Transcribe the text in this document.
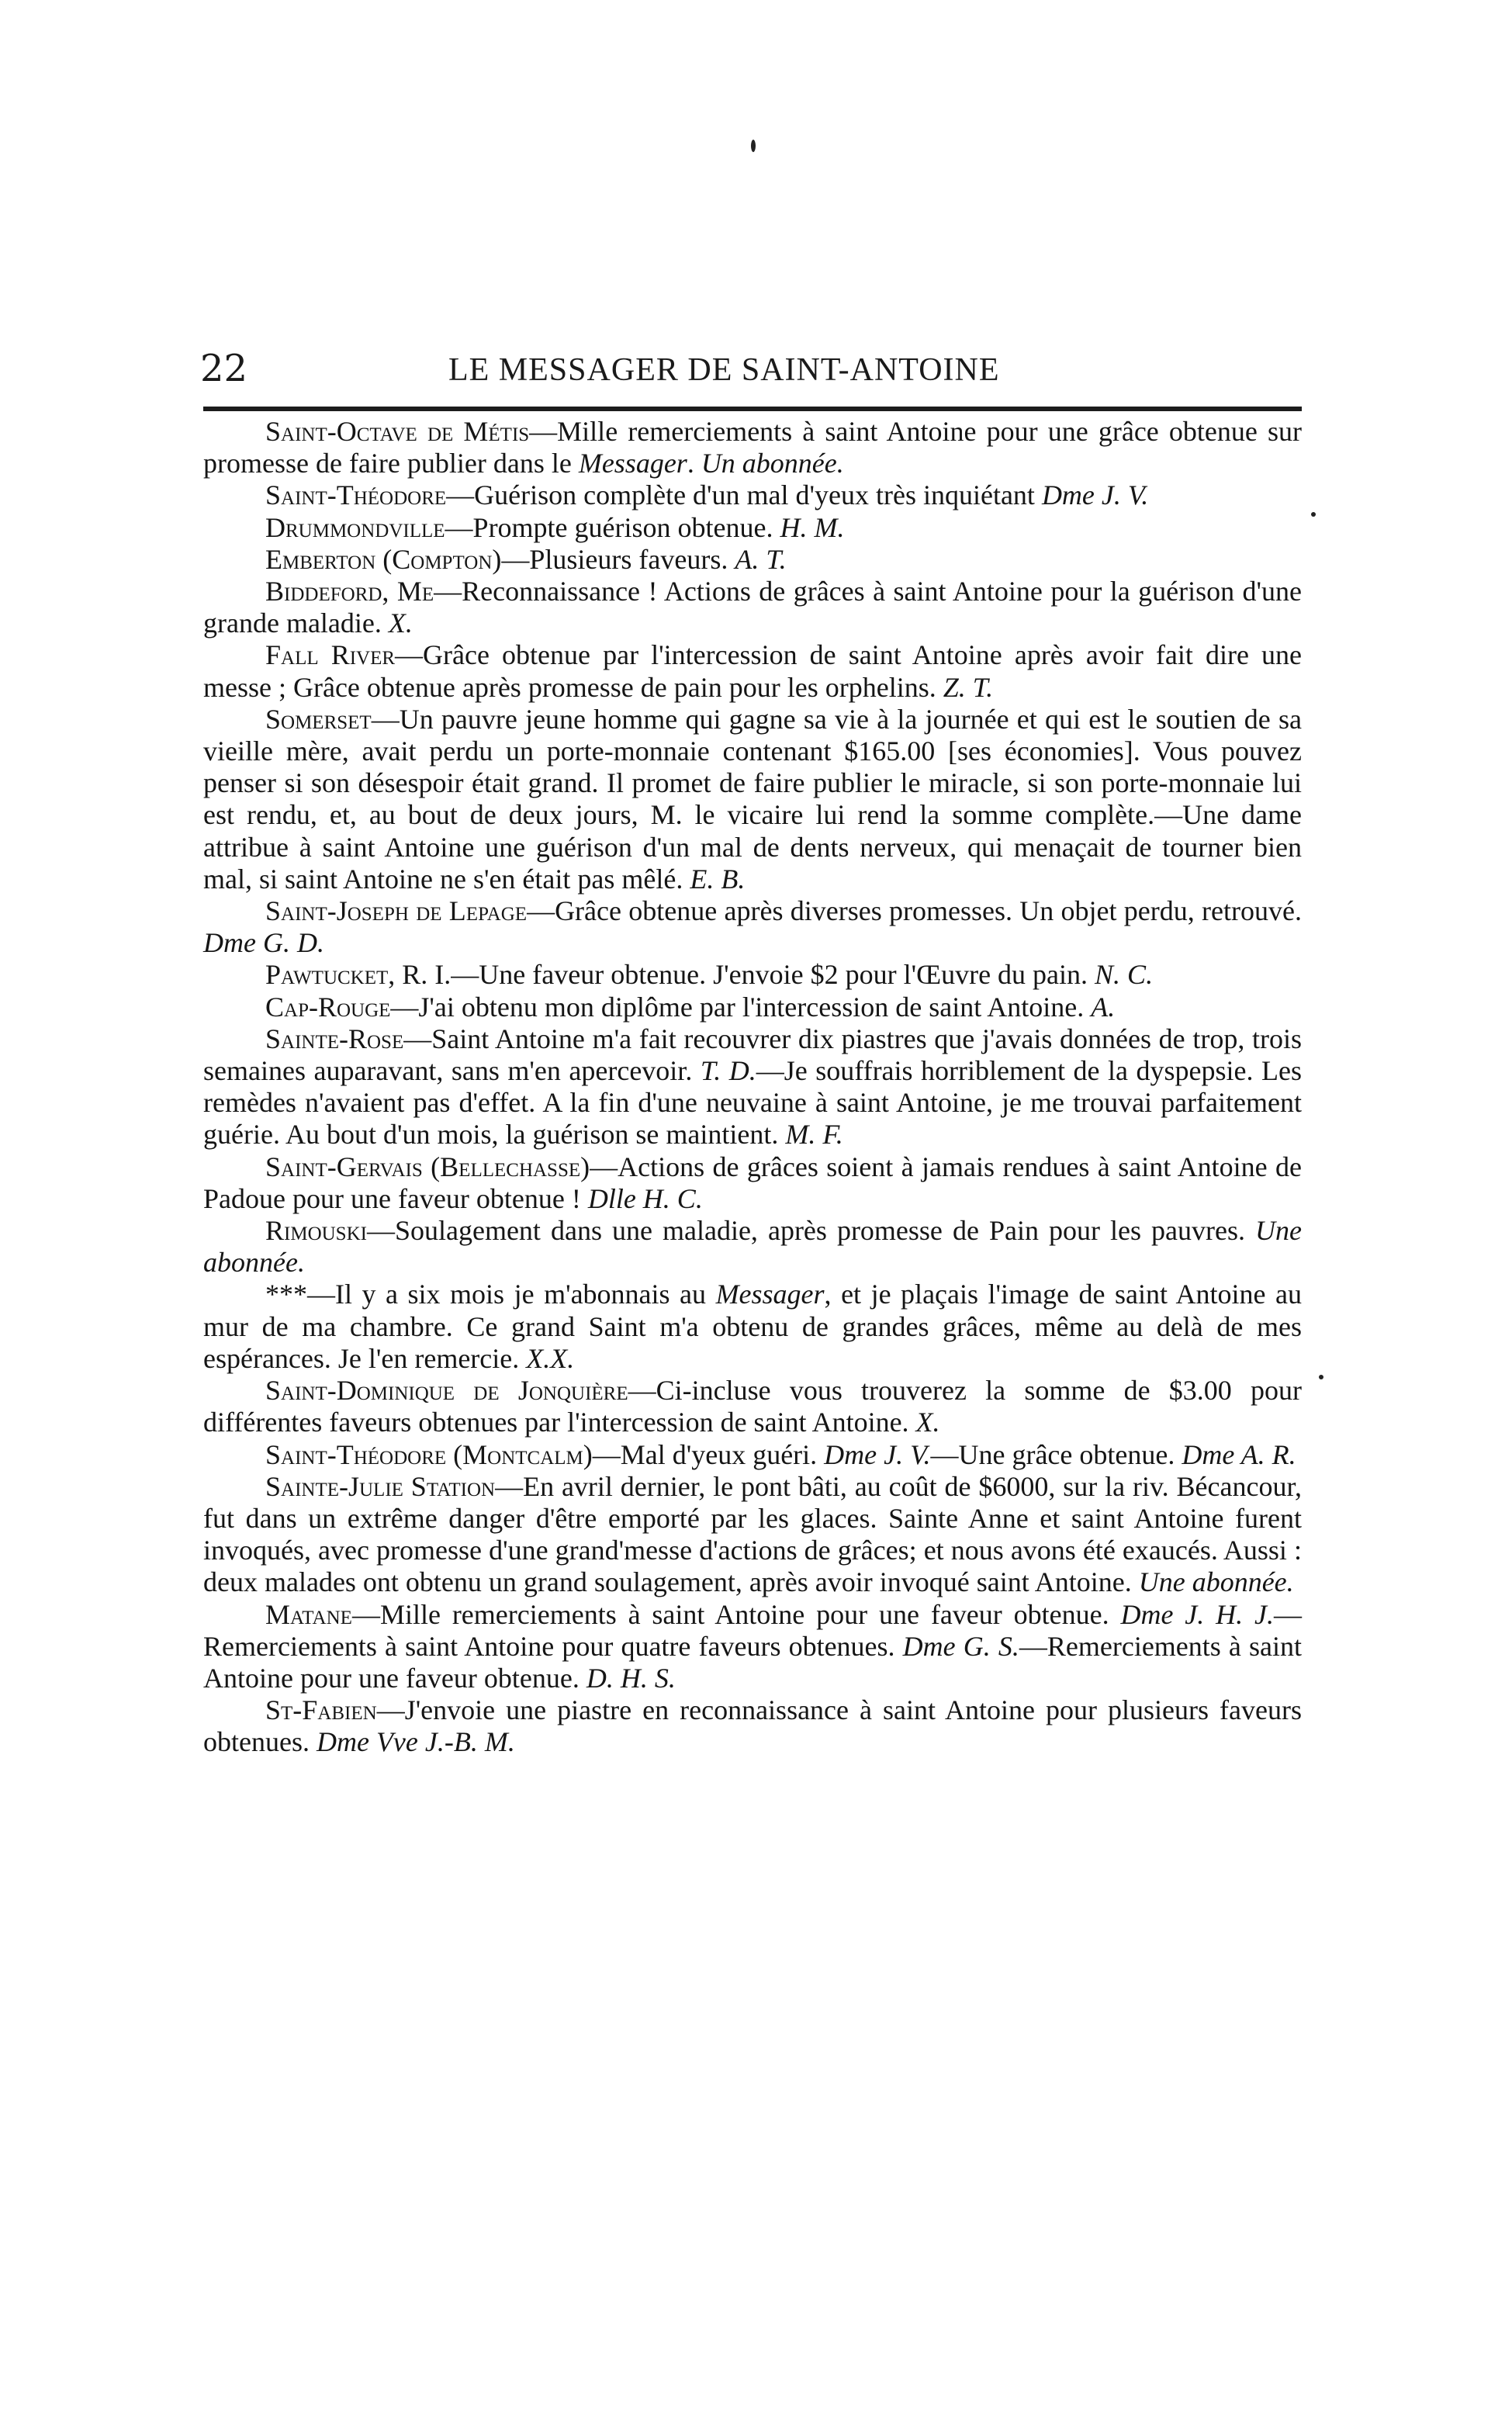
22	LE MESSAGER DE SAINT-ANTOINE

Saint-Octave de Métis—Mille remerciements à saint Antoine pour une grâce obtenue sur promesse de faire publier dans le Messager. Un abonnée.

Saint-Théodore—Guérison complète d'un mal d'yeux très inquiétant Dme J. V.

Drummondville—Prompte guérison obtenue. H. M.

Emberton (Compton)—Plusieurs faveurs. A. T.

Biddeford, Me—Reconnaissance ! Actions de grâces à saint Antoine pour la guérison d'une grande maladie. X.

Fall River—Grâce obtenue par l'intercession de saint Antoine après avoir fait dire une messe ; Grâce obtenue après promesse de pain pour les orphelins. Z. T.

Somerset—Un pauvre jeune homme qui gagne sa vie à la journée et qui est le soutien de sa vieille mère, avait perdu un porte-monnaie contenant $165.00 [ses économies]. Vous pouvez penser si son désespoir était grand. Il promet de faire publier le miracle, si son porte-monnaie lui est rendu, et, au bout de deux jours, M. le vicaire lui rend la somme complète.—Une dame attribue à saint Antoine une guérison d'un mal de dents nerveux, qui menaçait de tourner bien mal, si saint Antoine ne s'en était pas mêlé. E. B.

Saint-Joseph de Lepage—Grâce obtenue après diverses promesses. Un objet perdu, retrouvé. Dme G. D.

Pawtucket, R. I.—Une faveur obtenue. J'envoie $2 pour l'Œuvre du pain. N. C.

Cap-Rouge—J'ai obtenu mon diplôme par l'intercession de saint Antoine. A.

Sainte-Rose—Saint Antoine m'a fait recouvrer dix piastres que j'avais données de trop, trois semaines auparavant, sans m'en apercevoir. T. D.—Je souffrais horriblement de la dyspepsie. Les remèdes n'avaient pas d'effet. A la fin d'une neuvaine à saint Antoine, je me trouvai parfaitement guérie. Au bout d'un mois, la guérison se maintient. M. F.

Saint-Gervais (Bellechasse)—Actions de grâces soient à jamais rendues à saint Antoine de Padoue pour une faveur obtenue ! Dlle H. C.

Rimouski—Soulagement dans une maladie, après promesse de Pain pour les pauvres. Une abonnée.

***—Il y a six mois je m'abonnais au Messager, et je plaçais l'image de saint Antoine au mur de ma chambre. Ce grand Saint m'a obtenu de grandes grâces, même au delà de mes espérances. Je l'en remercie. X.X.

Saint-Dominique de Jonquière—Ci-incluse vous trouverez la somme de $3.00 pour différentes faveurs obtenues par l'intercession de saint Antoine. X.

Saint-Théodore (Montcalm)—Mal d'yeux guéri. Dme J. V.—Une grâce obtenue. Dme A. R.

Sainte-Julie Station—En avril dernier, le pont bâti, au coût de $6000, sur la riv. Bécancour, fut dans un extrême danger d'être emporté par les glaces. Sainte Anne et saint Antoine furent invoqués, avec promesse d'une grand'messe d'actions de grâces; et nous avons été exaucés. Aussi : deux malades ont obtenu un grand soulagement, après avoir invoqué saint Antoine. Une abonnée.

Matane—Mille remerciements à saint Antoine pour une faveur obtenue. Dme J. H. J.—Remerciements à saint Antoine pour quatre faveurs obtenues. Dme G. S.—Remerciements à saint Antoine pour une faveur obtenue. D. H. S.

St-Fabien—J'envoie une piastre en reconnaissance à saint Antoine pour plusieurs faveurs obtenues. Dme Vve J.-B. M.
